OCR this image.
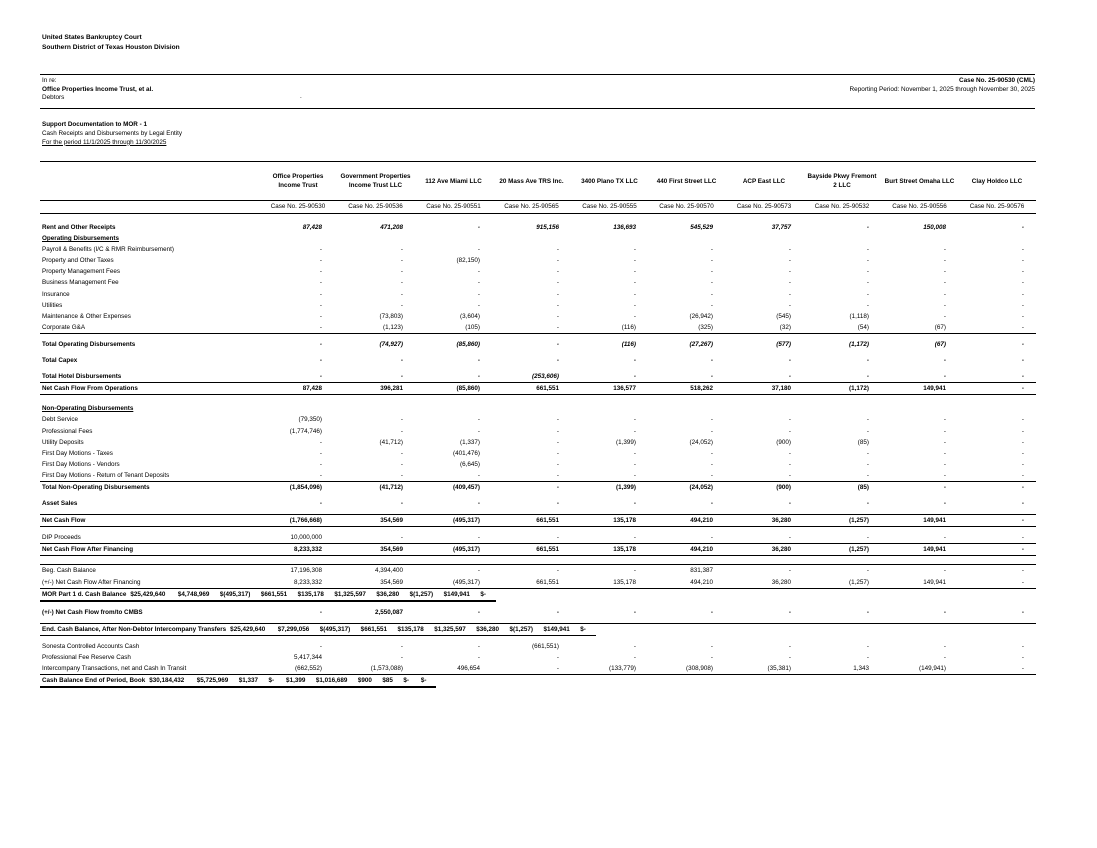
United States Bankruptcy Court
Southern District of Texas Houston Division
In re:
Office Properties Income Trust, et al.
Debtors	.
Case No. 25-90530 (CML)
Reporting Period: November 1, 2025 through November 30, 2025
Support Documentation to MOR - 1
Cash Receipts and Disbursements by Legal Entity
For the period 11/1/2025 through 11/30/2025
	Office Properties Income Trust	Government Properties Income Trust LLC	112 Ave Miami LLC	20 Mass Ave TRS Inc.	3400 Plano TX LLC	440 First Street LLC	ACP East LLC	Bayside Pkwy Fremont 2 LLC	Burt Street Omaha LLC	Clay Holdco LLC
	Case No. 25-90530	Case No. 25-90536	Case No. 25-90551	Case No. 25-90565	Case No. 25-90555	Case No. 25-90570	Case No. 25-90573	Case No. 25-90532	Case No. 25-90556	Case No. 25-90576

Rent and Other Receipts	87,428	471,208	-	915,156	136,693	545,529	37,757	-	150,008	-
Operating Disbursements										
Payroll & Benefits (I/C & RMR Reimbursement)	-	-	-	-	-	-	-	-	-	-
Property and Other Taxes	-	-	(82,150)	-	-	-	-	-	-	-
Property Management Fees	-	-	-	-	-	-	-	-	-	-
Business Management Fee	-	-	-	-	-	-	-	-	-	-
Insurance	-	-	-	-	-	-	-	-	-	-
Utilities	-	-	-	-	-	-	-	-	-	-
Maintenance & Other Expenses	-	(73,803)	(3,604)	-	-	(26,942)	(545)	(1,118)	-	-
Corporate G&A	-	(1,123)	(105)	-	(116)	(325)	(32)	(54)	(67)	-

Total Operating Disbursements	-	(74,927)	(85,860)	-	(116)	(27,267)	(577)	(1,172)	(67)	-

Total Capex	-	-	-	-	-	-	-	-	-	-

Total Hotel Disbursements	-	-	-	(253,606)	-	-	-	-	-	-
Net Cash Flow From Operations	87,428	396,281	(85,860)	661,551	136,577	518,262	37,180	(1,172)	149,941	-

Non-Operating Disbursements										
Debt Service	(79,350)	-	-	-	-	-	-	-	-	-
Professional Fees	(1,774,746)	-	-	-	-	-	-	-	-	-
Utility Deposits	-	(41,712)	(1,337)	-	(1,399)	(24,052)	(900)	(85)	-	-
First Day Motions - Taxes	-	-	(401,476)	-	-	-	-	-	-	-
First Day Motions - Vendors	-	-	(6,645)	-	-	-	-	-	-	-
First Day Motions - Return of Tenant Deposits	-	-	-	-	-	-	-	-	-	-
Total Non-Operating Disbursements	(1,854,096)	(41,712)	(409,457)	-	(1,399)	(24,052)	(900)	(85)	-	-

Asset Sales	-	-	-	-	-	-	-	-	-	-

Net Cash Flow	(1,766,668)	354,569	(495,317)	661,551	135,178	494,210	36,280	(1,257)	149,941	-

DIP Proceeds	10,000,000	-	-	-	-	-	-	-	-	-
Net Cash Flow After Financing	8,233,332	354,569	(495,317)	661,551	135,178	494,210	36,280	(1,257)	149,941	-

Beg. Cash Balance	17,196,308	4,394,400	-	-	-	831,387	-	-	-	-
(+/-) Net Cash Flow After Financing	8,233,332	354,569	(495,317)	661,551	135,178	494,210	36,280	(1,257)	149,941	-

MOR Part 1 d. Cash Balance	$ 25,429,640	$ 4,748,969	$ (495,317)	$ 661,551	$ 135,178	$ 1,325,597	$ 36,280	$ (1,257)	$ 149,941	$ -

(+/-) Net Cash Flow from/to CMBS	-	2,550,087	-	-	-	-	-	-	-	-

End. Cash Balance, After Non-Debtor Intercompany Transfers	$ 25,429,640	$ 7,299,056	$ (495,317)	$ 661,551	$ 135,178	$ 1,325,597	$ 36,280	$ (1,257)	$ 149,941	$ -

Sonesta Controlled Accounts Cash	-	-	-	(661,551)	-	-	-	-	-	-
Professional Fee Reserve Cash	5,417,344	-	-	-	-	-	-	-	-	-
Intercompany Transactions, net and Cash In Transit	(662,552)	(1,573,088)	496,654	-	(133,779)	(308,908)	(35,381)	1,343	(149,941)	-

Cash Balance End of Period, Book	$ 30,184,432	$ 5,725,969	$ 1,337	$ -	$ 1,399	$ 1,016,689	$ 900	$ 85	$ -	$ -
